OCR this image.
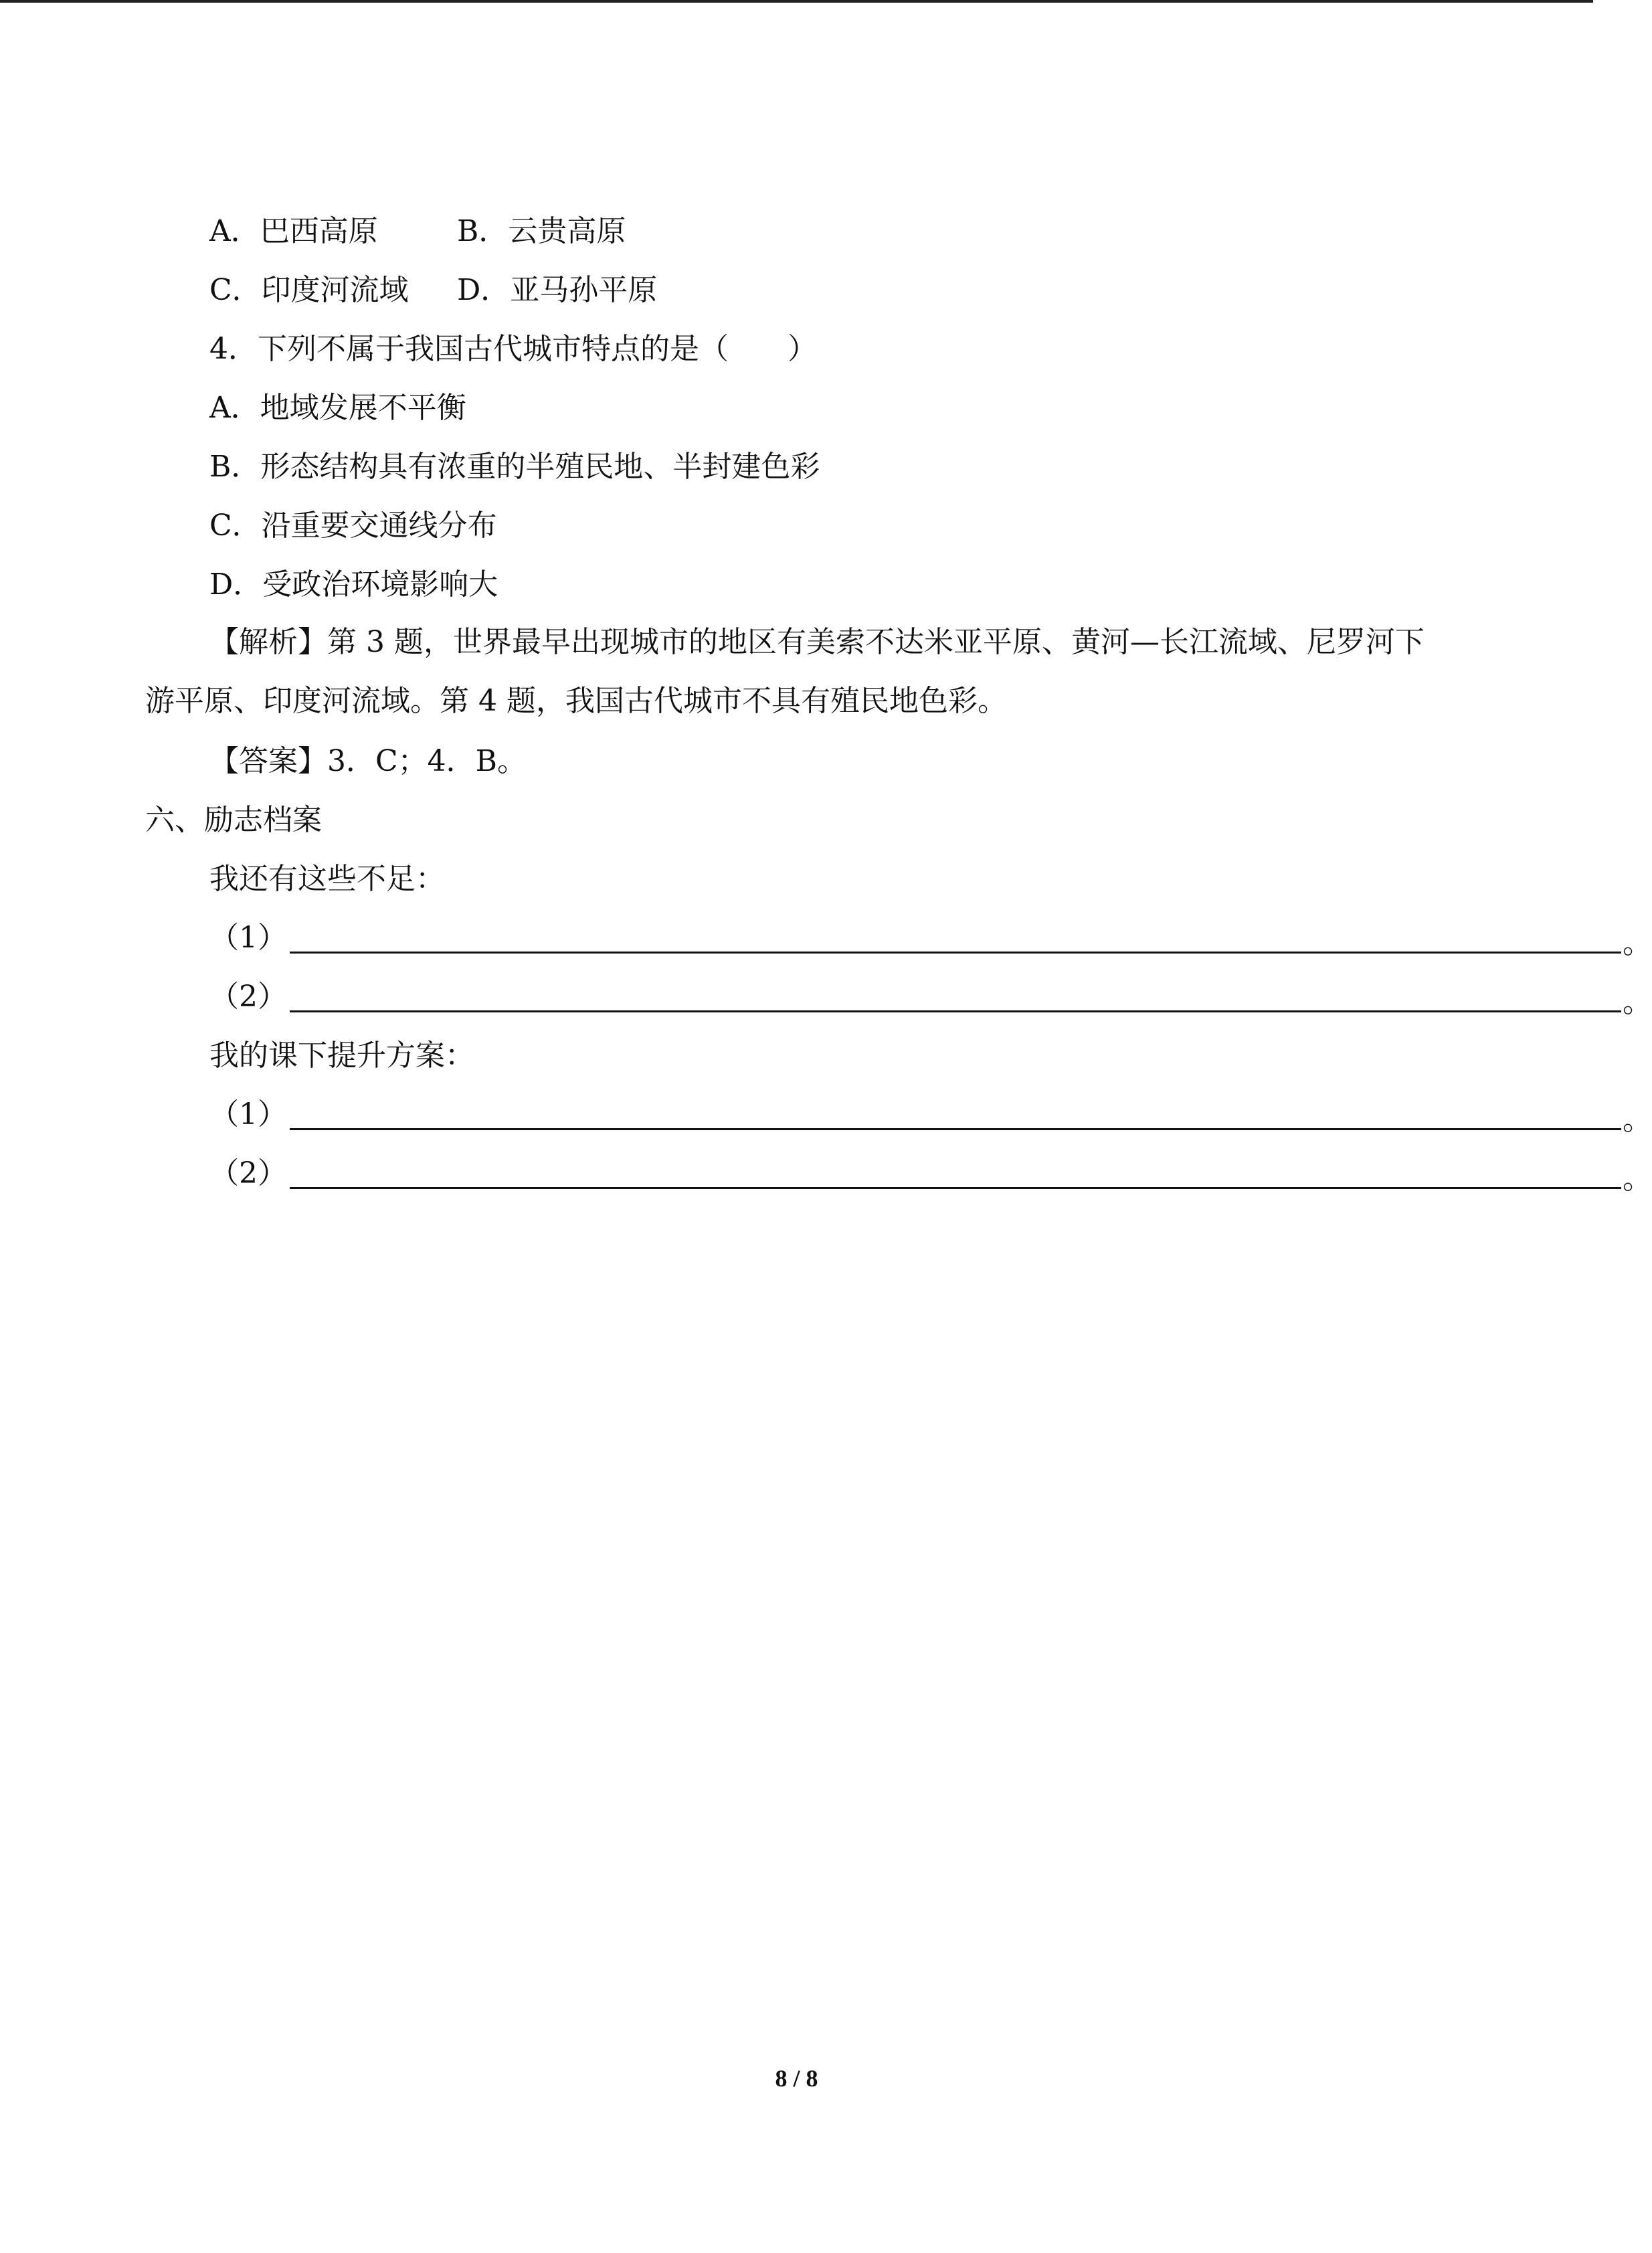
A．巴西高原	B．云贵高原
C．印度河流域 D．亚马孙平原
4．下列不属于我国古代城市特点的是（　　）
A．地域发展不平衡
B．形态结构具有浓重的半殖民地、半封建色彩
C．沿重要交通线分布
D．受政治环境影响大
【解析】第 3 题，世界最早出现城市的地区有美索不达米亚平原、黄河—长江流域、尼罗河下游平原、印度河流域。第 4 题，我国古代城市不具有殖民地色彩。
【答案】3．C；4．B。
六、励志档案
我还有这些不足：
（1）	。
（2）	。
我的课下提升方案：
（1）	。
（2）	。
8 / 8
